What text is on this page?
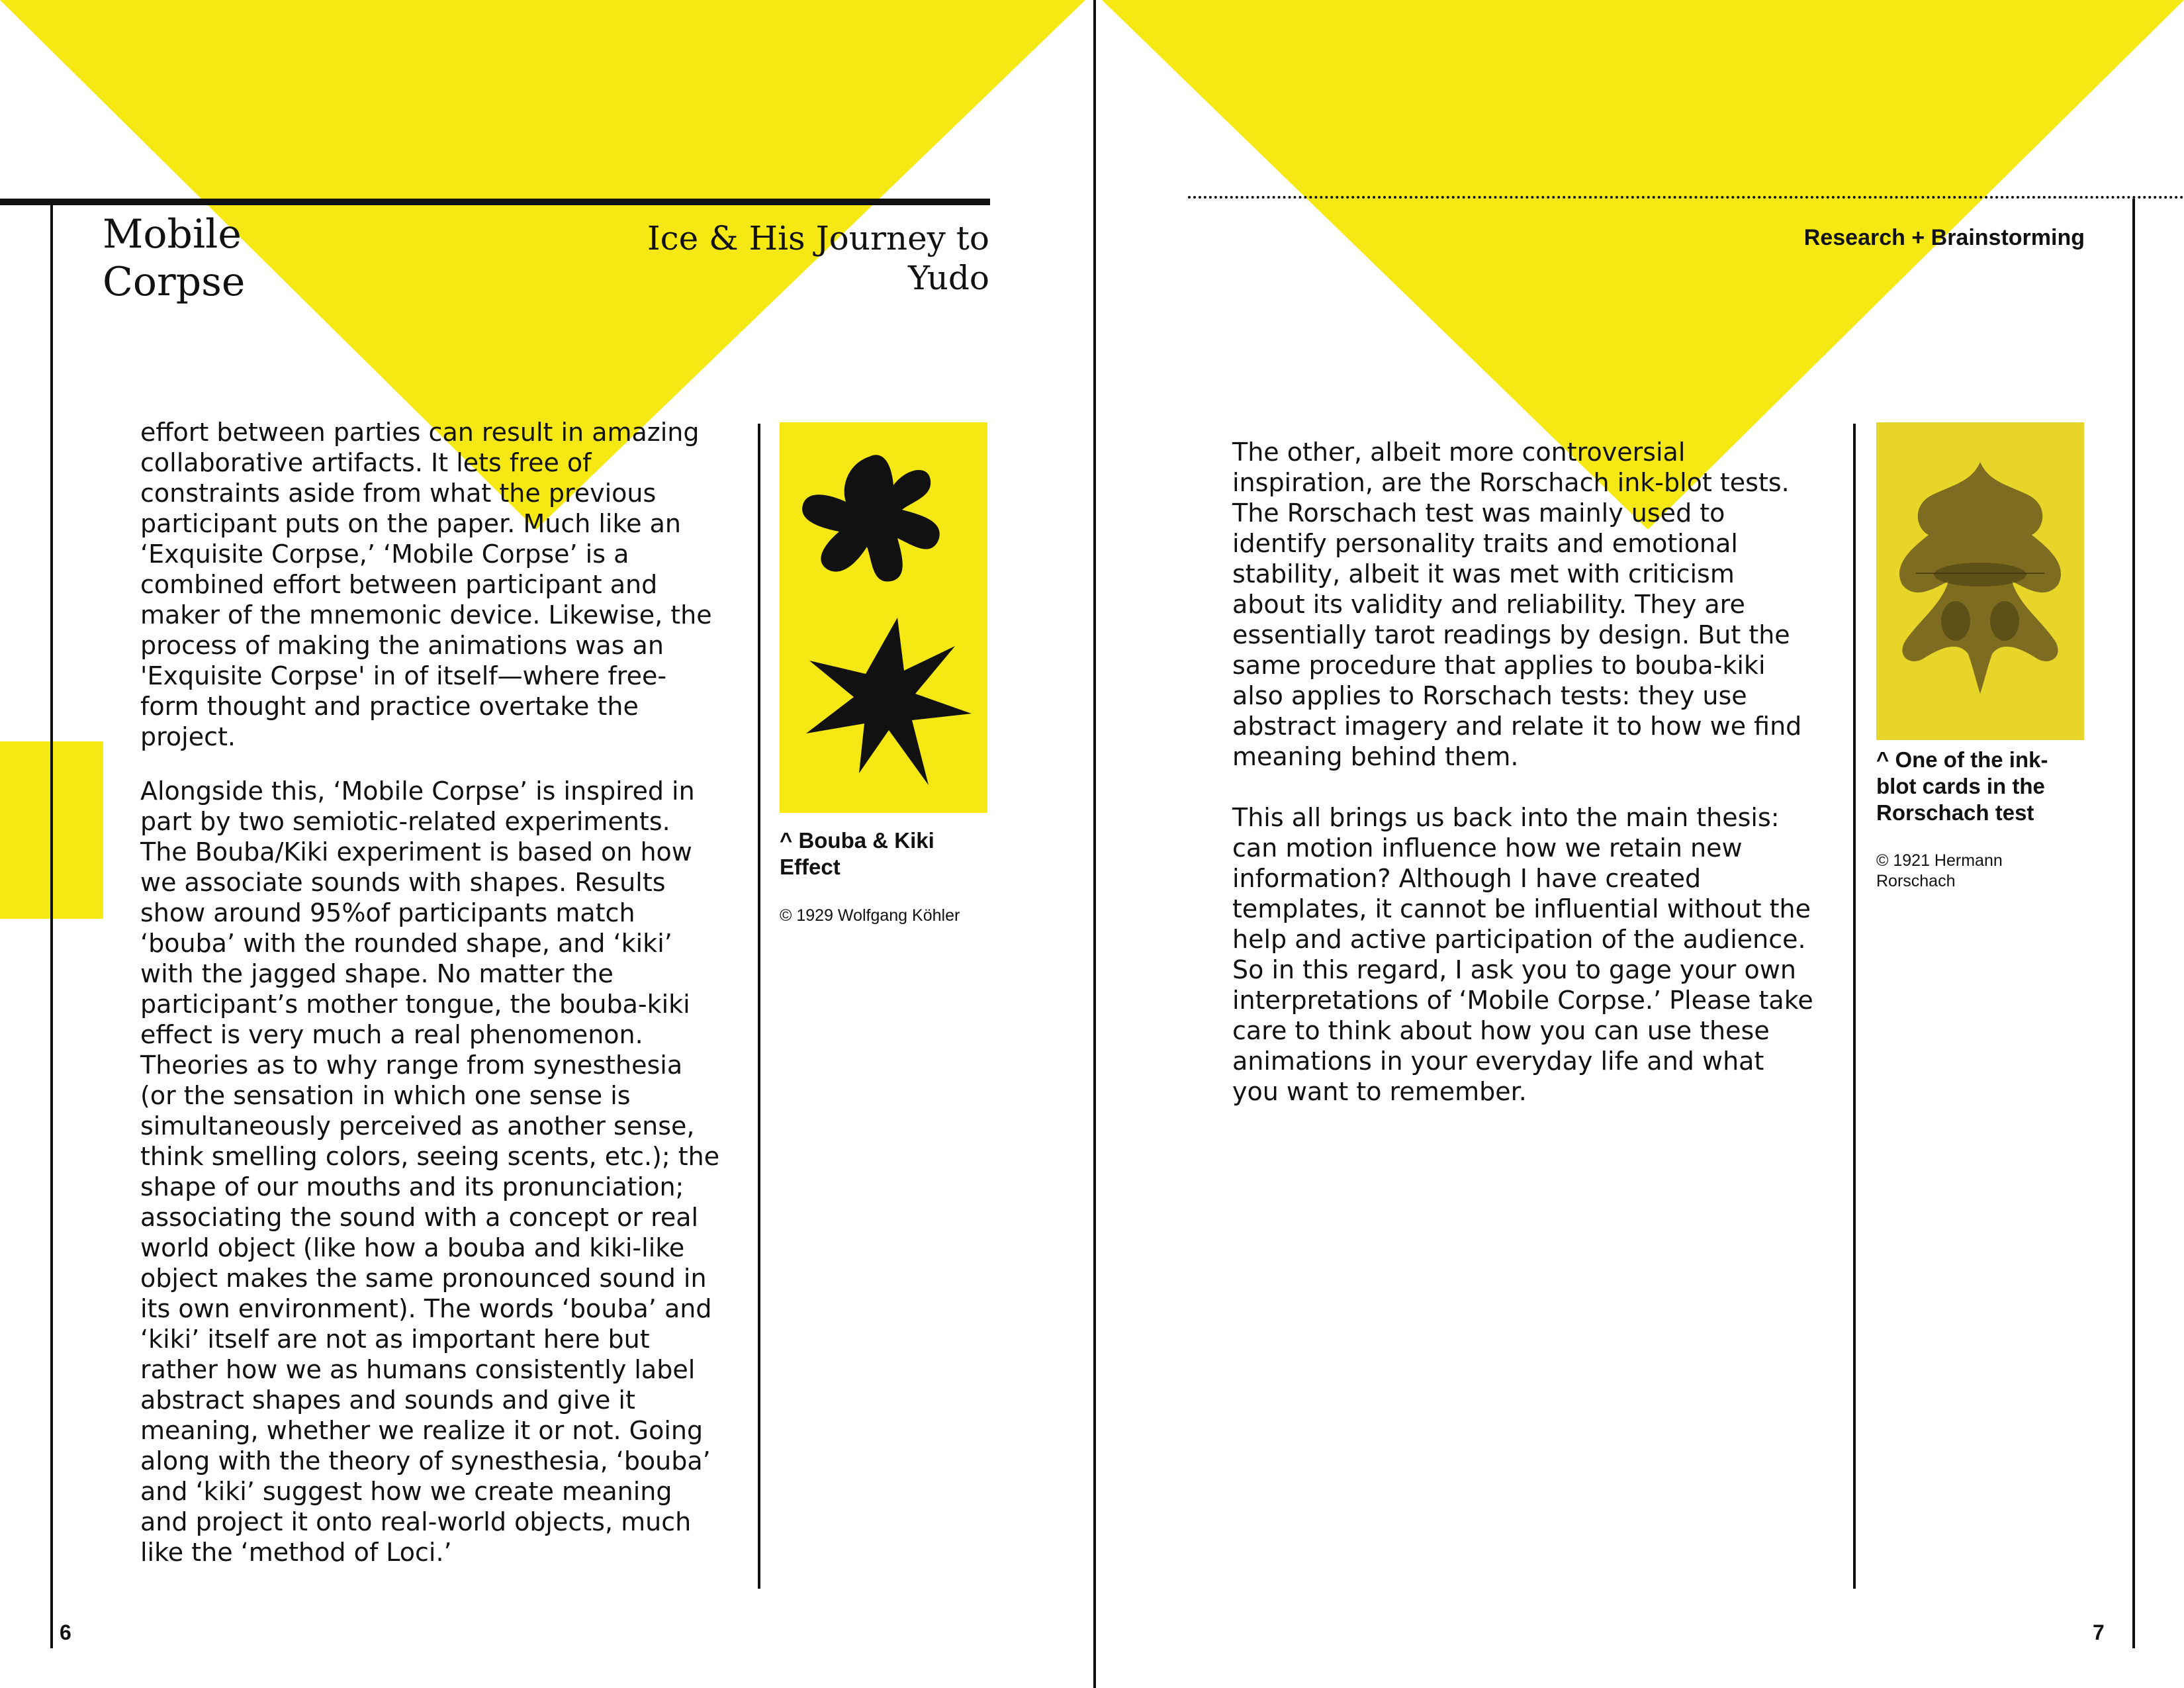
Mobile
Corpse
Ice & His Journey to Yudo
effort between parties can result in amazing collaborative artifacts. It lets free of constraints aside from what the previous participant puts on the paper. Much like an ‘Exquisite Corpse,’ ‘Mobile Corpse’ is a combined effort between participant and maker of the mnemonic device. Likewise, the process of making the animations was an 'Exquisite Corpse' in of itself—where free-form thought and practice overtake the project.
Alongside this, ‘Mobile Corpse’ is inspired in part by two semiotic-related experiments. The Bouba/Kiki experiment is based on how we associate sounds with shapes. Results show around 95%of participants match ‘bouba’ with the rounded shape, and ‘kiki’ with the jagged shape. No matter the participant’s mother tongue, the bouba-kiki effect is very much a real phenomenon. Theories as to why range from synesthesia (or the sensation in which one sense is simultaneously perceived as another sense, think smelling colors, seeing scents, etc.); the shape of our mouths and its pronunciation; associating the sound with a concept or real world object (like how a bouba and kiki-like object makes the same pronounced sound in its own environment). The words ‘bouba’ and ‘kiki’ itself are not as important here but rather how we as humans consistently label abstract shapes and sounds and give it meaning, whether we realize it or not. Going along with the theory of synesthesia, ‘bouba’ and ‘kiki’ suggest how we create meaning and project it onto real-world objects, much like the ‘method of Loci.’
^ Bouba & Kiki Effect
© 1929 Wolfgang Köhler
6
Research + Brainstorming
The other, albeit more controversial inspiration, are the Rorschach ink-blot tests. The Rorschach test was mainly used to identify personality traits and emotional stability, albeit it was met with criticism about its validity and reliability. They are essentially tarot readings by design. But the same procedure that applies to bouba-kiki also applies to Rorschach tests: they use abstract imagery and relate it to how we find meaning behind them.
This all brings us back into the main thesis: can motion influence how we retain new information? Although I have created templates, it cannot be influential without the help and active participation of the audience. So in this regard, I ask you to gage your own interpretations of ‘Mobile Corpse.’ Please take care to think about how you can use these animations in your everyday life and what you want to remember.
^ One of the ink-blot cards in the Rorschach test
© 1921 Hermann Rorschach
7
